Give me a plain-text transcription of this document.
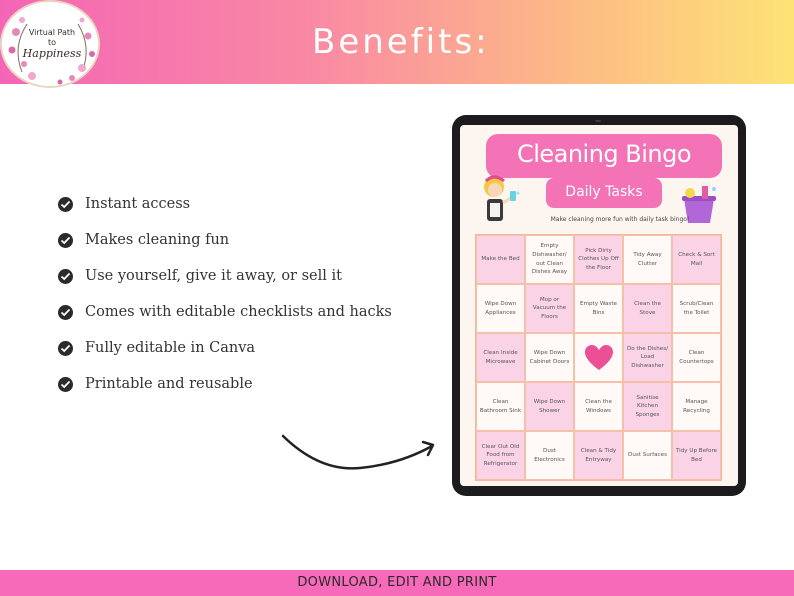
Virtual Path
to
Happiness	Benefits:
Instant access
Makes cleaning fun
Use yourself, give it away, or sell it
Comes with editable checklists and hacks
Fully editable in Canva
Printable and reusable
Cleaning Bingo
Daily Tasks
Make cleaning more fun with daily task bingo!
Make the Bed
Empty Dishwasher/ out Clean Dishes Away
Pick Dirty Clothes Up Off the Floor
Tidy Away Clutter
Check & Sort Mail
Wipe Down Appliances
Mop or Vacuum the Floors
Empty Waste Bins
Clean the Stove
Scrub/Clean the Toilet
Clean Inside Microwave
Wipe Down Cabinet Doors
Do the Dishes/ Load Dishwasher
Clean Countertops
Clean Bathroom Sink
Wipe Down Shower
Clean the Windows
Sanitise Kitchen Sponges
Manage Recycling
Clear Out Old Food from Refrigerator
Dust Electronics
Clean & Tidy Entryway
Dust Surfaces
Tidy Up Before Bed
DOWNLOAD, EDIT AND PRINT
